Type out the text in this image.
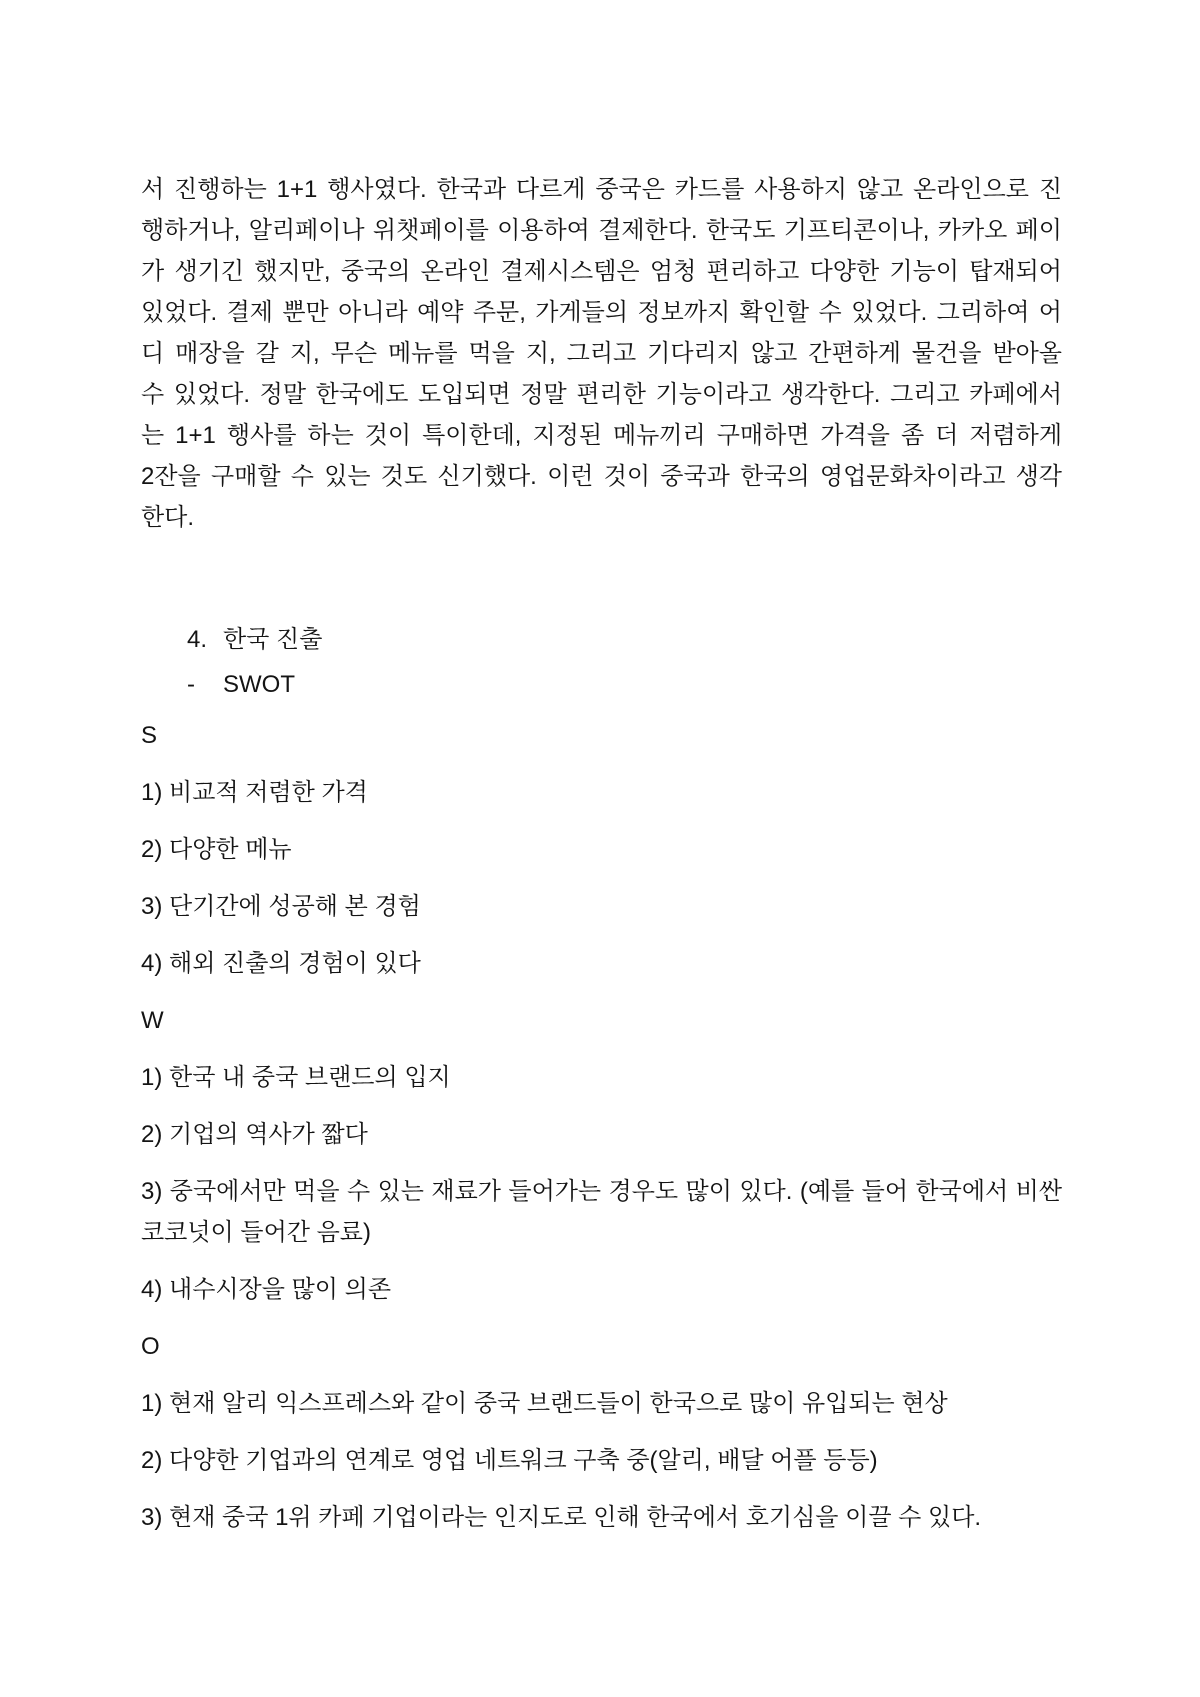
서 진행하는 1+1 행사였다. 한국과 다르게 중국은 카드를 사용하지 않고 온라인으로 진
행하거나, 알리페이나 위챗페이를 이용하여 결제한다. 한국도 기프티콘이나, 카카오 페이
가 생기긴 했지만, 중국의 온라인 결제시스템은 엄청 편리하고 다양한 기능이 탑재되어
있었다. 결제 뿐만 아니라 예약 주문, 가게들의 정보까지 확인할 수 있었다. 그리하여 어
디 매장을 갈 지, 무슨 메뉴를 먹을 지, 그리고 기다리지 않고 간편하게 물건을 받아올
수 있었다. 정말 한국에도 도입되면 정말 편리한 기능이라고 생각한다. 그리고 카페에서
는 1+1 행사를 하는 것이 특이한데, 지정된 메뉴끼리 구매하면 가격을 좀 더 저렴하게
2잔을 구매할 수 있는 것도 신기했다. 이런 것이 중국과 한국의 영업문화차이라고 생각
한다.
4. 한국 진출
-	SWOT
S
1) 비교적 저렴한 가격
2) 다양한 메뉴
3) 단기간에 성공해 본 경험
4) 해외 진출의 경험이 있다
W
1) 한국 내 중국 브랜드의 입지
2) 기업의 역사가 짧다
3) 중국에서만 먹을 수 있는 재료가 들어가는 경우도 많이 있다. (예를 들어 한국에서 비싼 코코넛이 들어간 음료)
4) 내수시장을 많이 의존
O
1) 현재 알리 익스프레스와 같이 중국 브랜드들이 한국으로 많이 유입되는 현상
2) 다양한 기업과의 연계로 영업 네트워크 구축 중(알리, 배달 어플 등등)
3) 현재 중국 1위 카페 기업이라는 인지도로 인해 한국에서 호기심을 이끌 수 있다.
